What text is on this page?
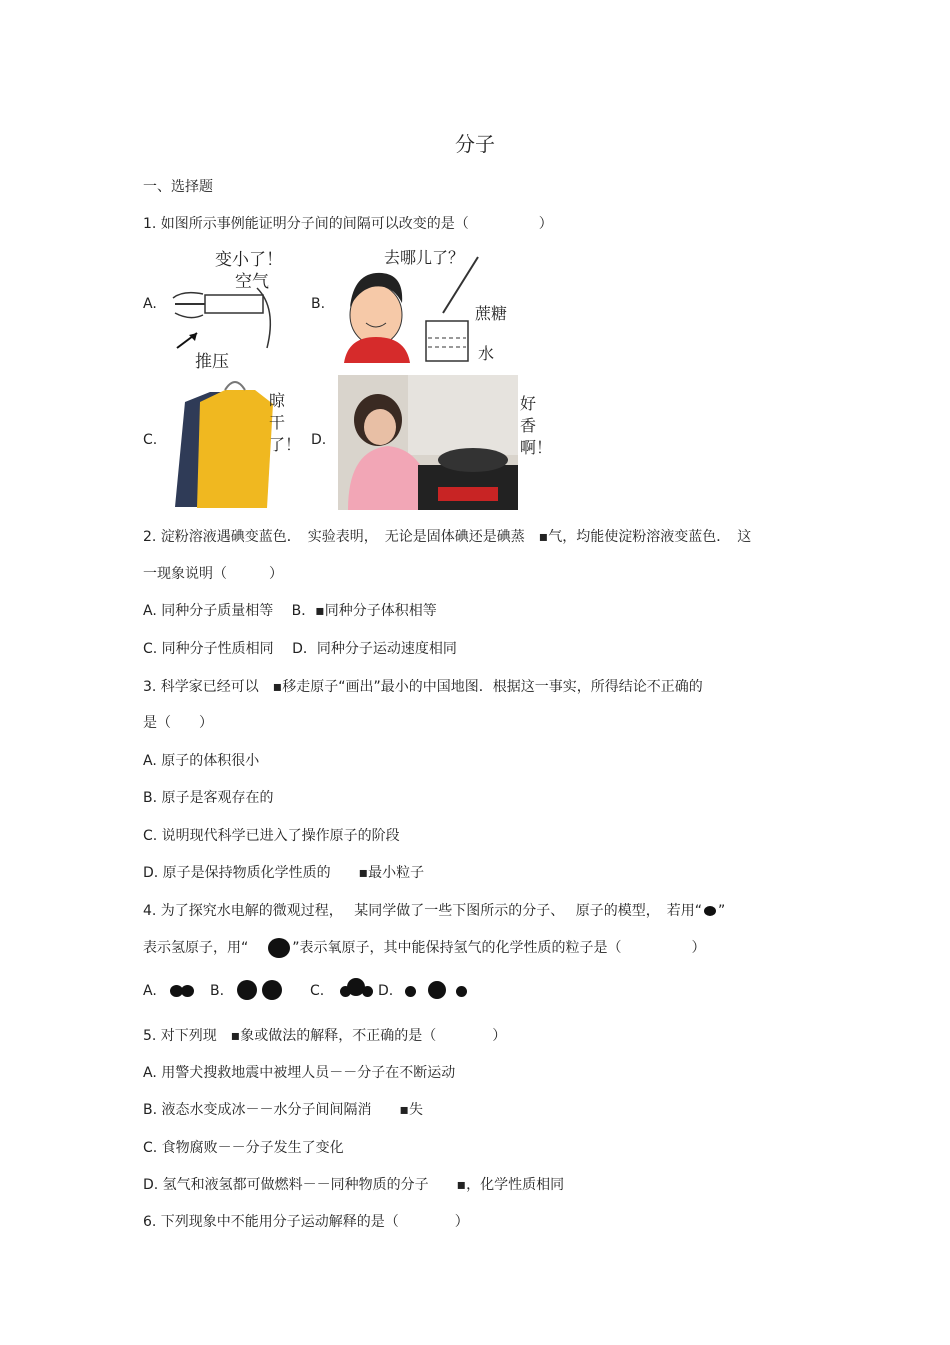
分子
一、选择题
1. 如图所示事例能证明分子间的间隔可以改变的是（　　　　　）
A.
变小了！
空气
推压
B.
去哪儿了？
蔗糖
水
C.
晾干了！ D.
好香啊！
2. 淀粉溶液遇碘变蓝色．　实验表明，　无论是固体碘还是碘蒸　▪气，均能使淀粉溶液变蓝色．　这
一现象说明（　　　）
A. 同种分子质量相等　 B．▪同种分子体积相等
C. 同种分子性质相同　 D．同种分子运动速度相同
3. 科学家已经可以　▪移走原子“画出”最小的中国地图．根据这一事实，所得结论不正确的
是（　　）
A. 原子的体积很小
B. 原子是客观存在的
C. 说明现代科学已进入了操作原子的阶段
D. 原子是保持物质化学性质的　　▪最小粒子
4. 为了探究水电解的微观过程，　 某同学做了一些下图所示的分子、　 原子的模型，　若用“ ”
表示氢原子，用“	”表示氧原子，其中能保持氢气的化学性质的粒子是（　　　　　）
A.	B.	C.	D.
5. 对下列现　▪象或做法的解释，不正确的是（　　　　）
A. 用警犬搜救地震中被埋人员－－分子在不断运动
B. 液态水变成冰－－水分子间间隔消　　▪失
C. 食物腐败－－分子发生了变化
D. 氢气和液氢都可做燃料－－同种物质的分子　　▪，化学性质相同
6. 下列现象中不能用分子运动解释的是（　　　　）
